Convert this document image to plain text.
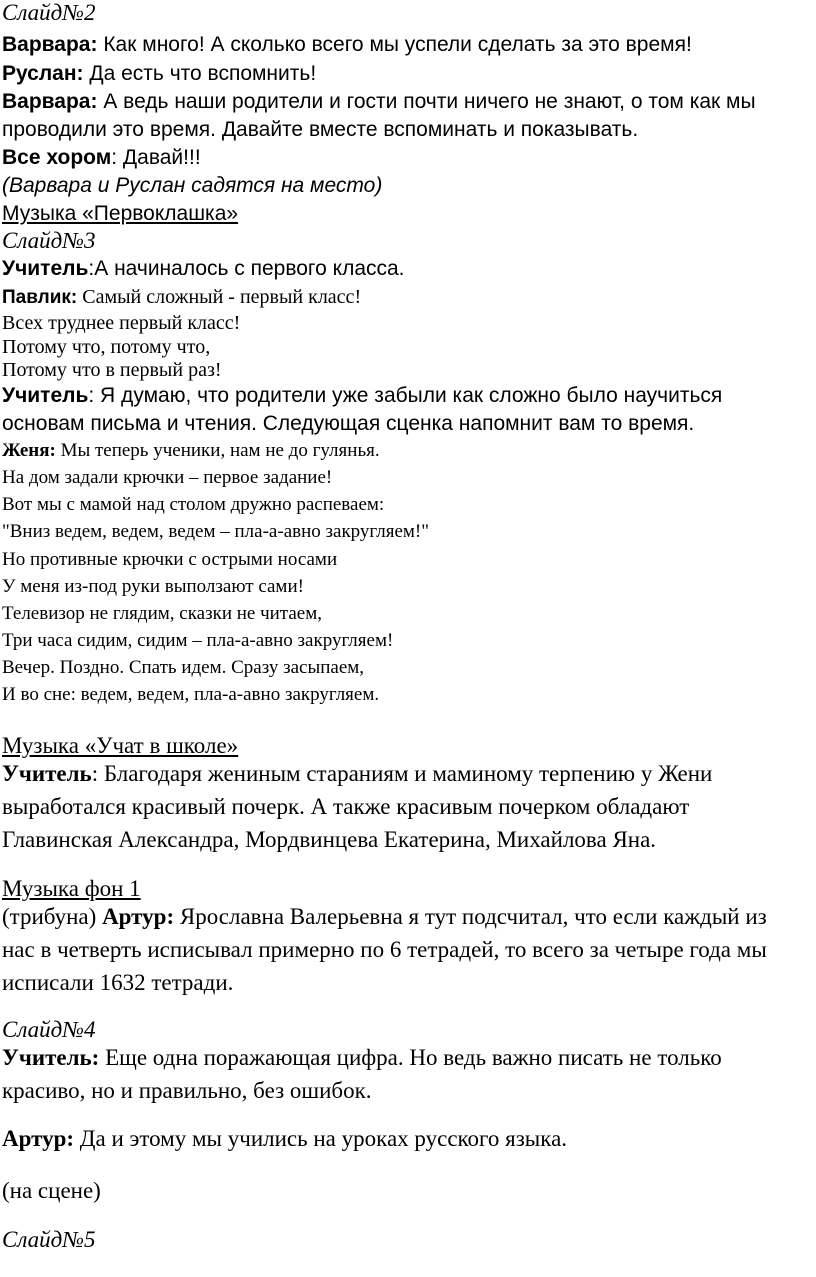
Слайд№2
Варвара: Как много! А сколько всего мы успели сделать за это время!
Руслан: Да есть что вспомнить!
Варвара: А ведь наши родители и гости почти ничего не знают, о том как мы
проводили это время. Давайте вместе вспоминать и показывать.
Все хором: Давай!!!
(Варвара и Руслан садятся на место)
Музыка «Первоклашка»
Слайд№3
Учитель:А начиналось с первого класса.
Павлик: Самый сложный - первый класс!
Всех труднее первый класс!
Потому что, потому что,
Потому что в первый раз!
Учитель: Я думаю, что родители уже забыли как сложно было научиться
основам письма и чтения. Следующая сценка напомнит вам то время.
Женя: Мы теперь ученики, нам не до гулянья.
На дом задали крючки – первое задание!
Вот мы с мамой над столом дружно распеваем:
"Вниз ведем, ведем, ведем – пла-а-авно закругляем!"
Но противные крючки с острыми носами
У меня из-под руки выползают сами!
Телевизор не глядим, сказки не читаем,
Три часа сидим, сидим – пла-а-авно закругляем!
Вечер. Поздно. Спать идем. Сразу засыпаем,
И во сне: ведем, ведем, пла-а-авно закругляем.
Музыка «Учат в школе»
Учитель: Благодаря жениным стараниям и маминому терпению у Жени
выработался красивый почерк. А также красивым почерком обладают
Главинская Александра, Мордвинцева Екатерина, Михайлова Яна.
Музыка фон 1
(трибуна) Артур: Ярославна Валерьевна я тут подсчитал, что если каждый из
нас в четверть исписывал примерно по 6 тетрадей, то всего за четыре года мы
исписали 1632 тетради.
Слайд№4
Учитель: Еще одна поражающая цифра. Но ведь важно писать не только
красиво, но и правильно, без ошибок.
Артур: Да и этому мы учились на уроках русского языка.
(на сцене)
Слайд№5
